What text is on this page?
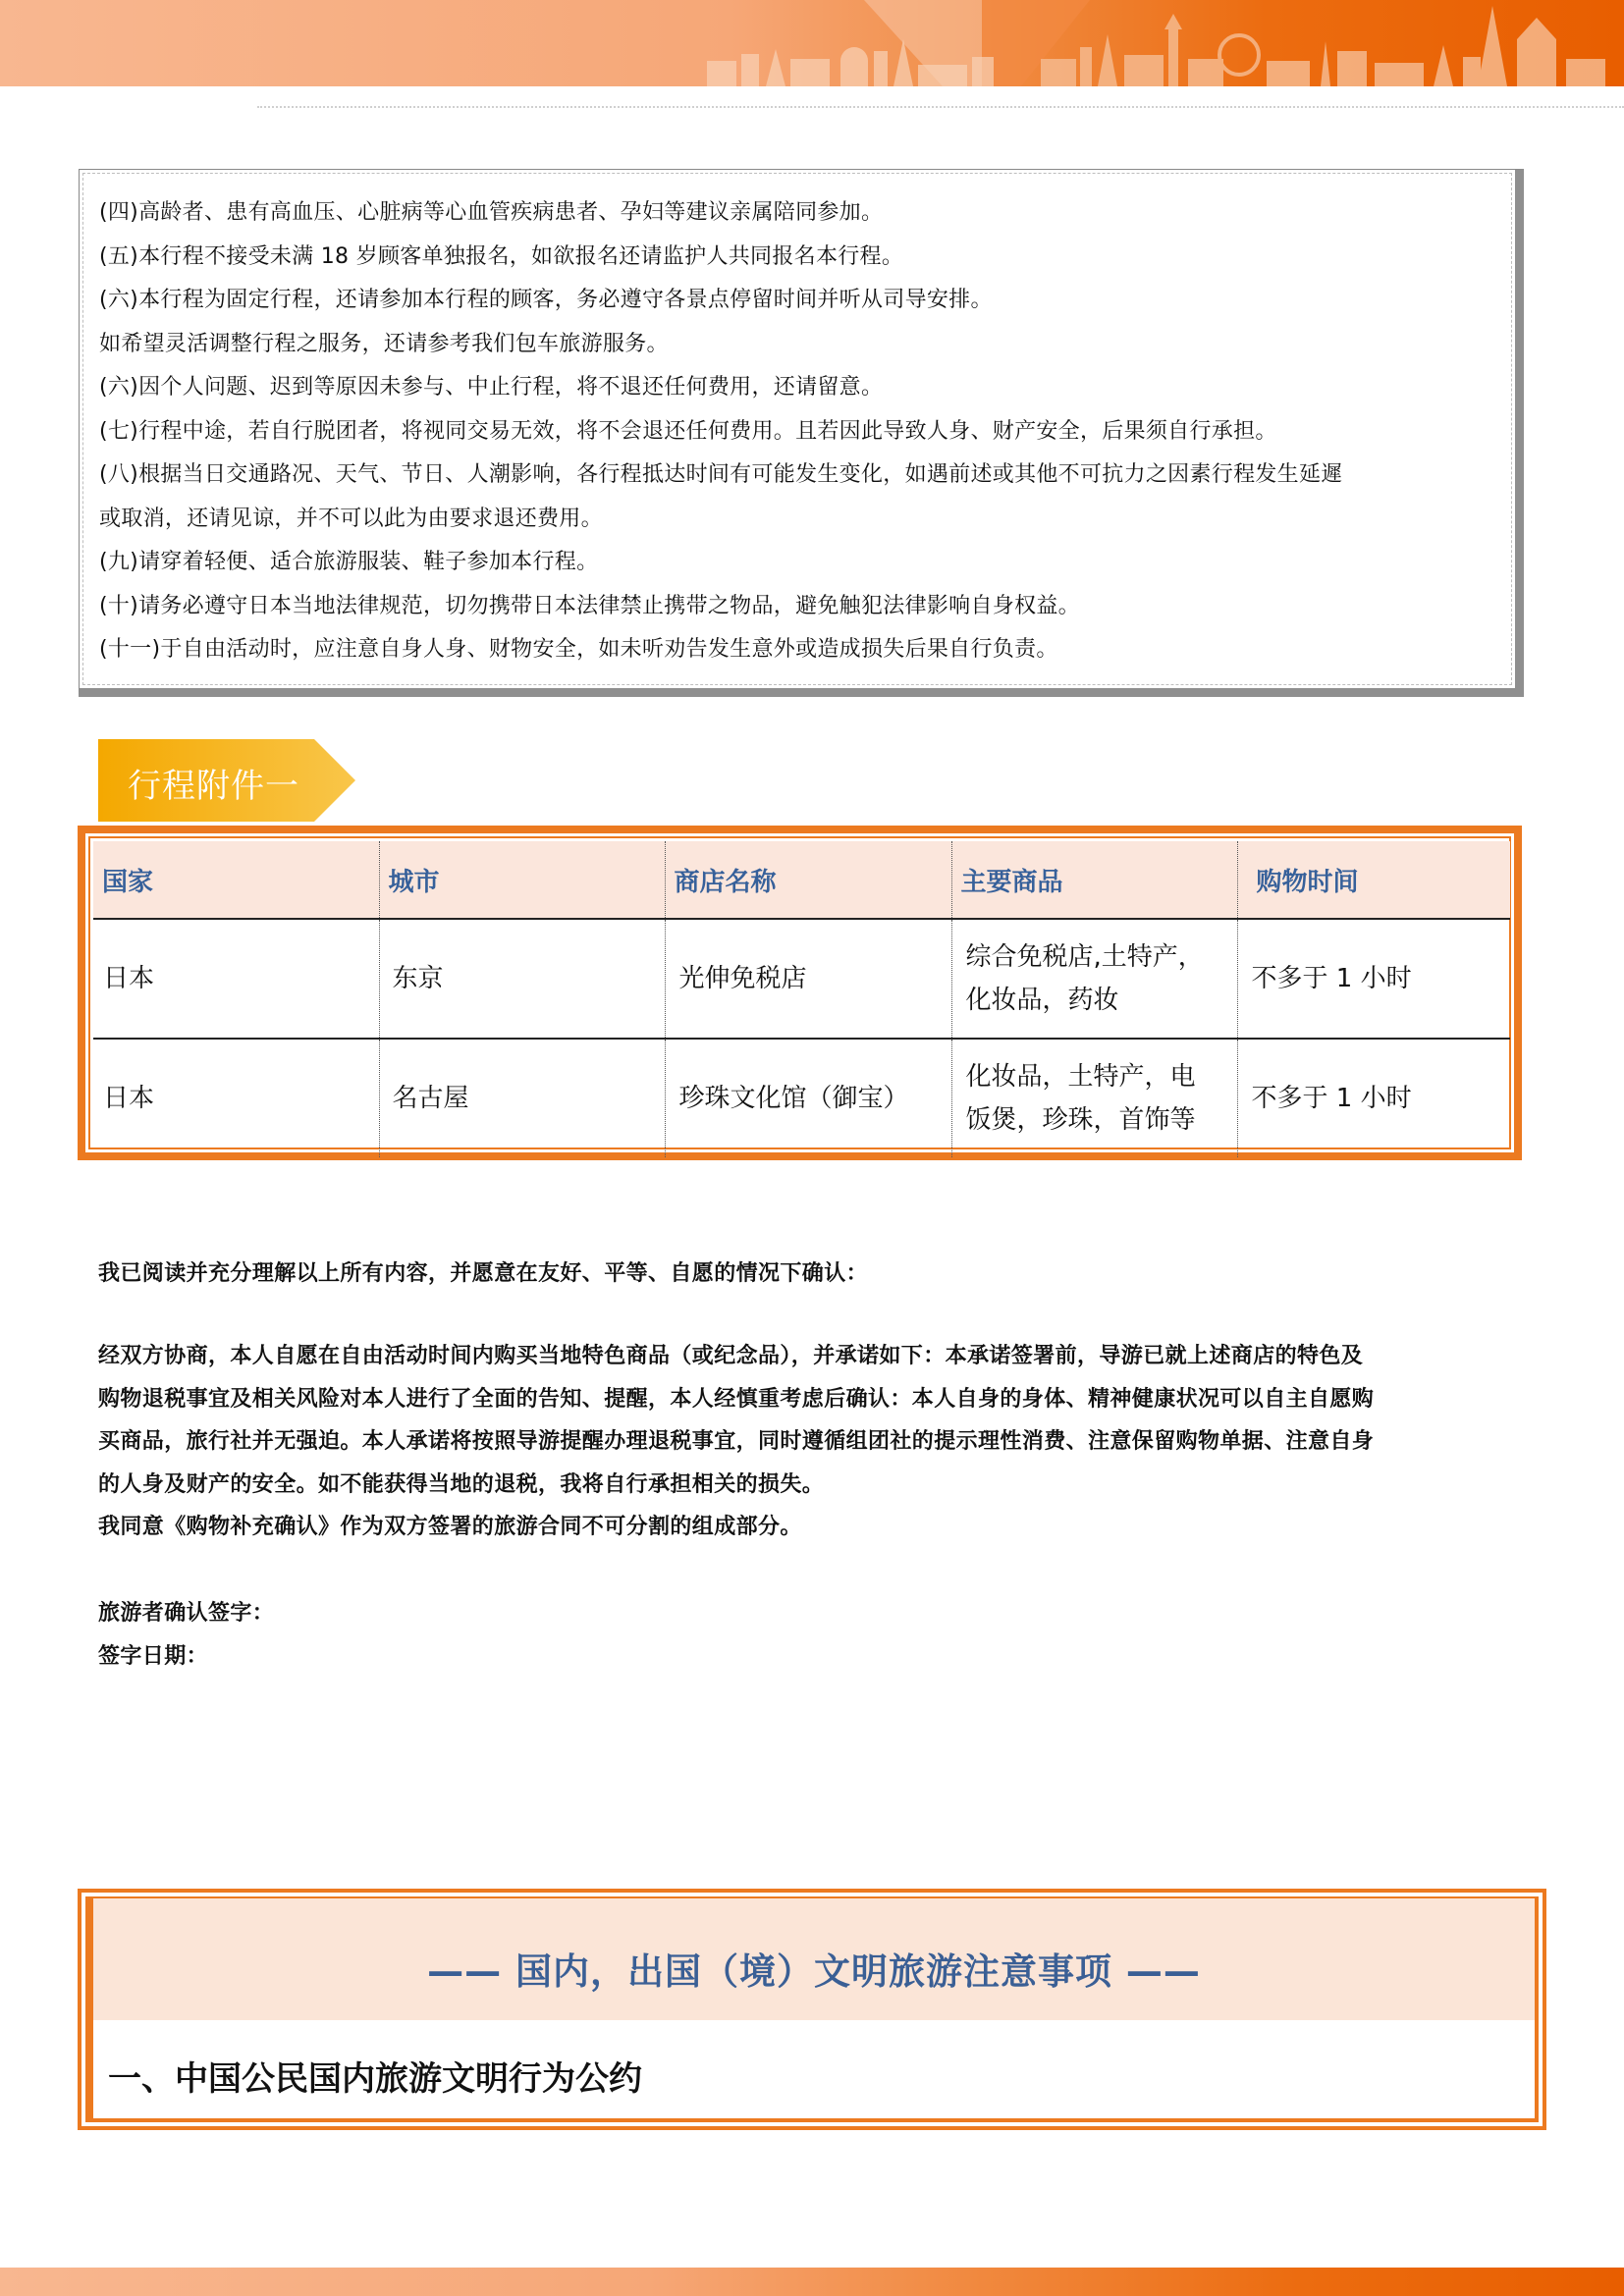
(四)高龄者、患有高血压、心脏病等心血管疾病患者、孕妇等建议亲属陪同参加。
(五)本行程不接受未满 18 岁顾客单独报名，如欲报名还请监护人共同报名本行程。
(六)本行程为固定行程，还请参加本行程的顾客，务必遵守各景点停留时间并听从司导安排。
如希望灵活调整行程之服务，还请参考我们包车旅游服务。
(六)因个人问题、迟到等原因未参与、中止行程，将不退还任何费用，还请留意。
(七)行程中途，若自行脱团者，将视同交易无效，将不会退还任何费用。且若因此导致人身、财产安全，后果须自行承担。
(八)根据当日交通路况、天气、节日、人潮影响，各行程抵达时间有可能发生变化，如遇前述或其他不可抗力之因素行程发生延遲
或取消，还请见谅，并不可以此为由要求退还费用。
(九)请穿着轻便、适合旅游服装、鞋子参加本行程。
(十)请务必遵守日本当地法律规范，切勿携带日本法律禁止携带之物品，避免触犯法律影响自身权益。
(十一)于自由活动时，应注意自身人身、财物安全，如未听劝告发生意外或造成损失后果自行负责。
行程附件一
国家	城市	商店名称	主要商品	购物时间
日本	东京	光伸免税店	综合免税店,土特产，
化妆品，药妆	不多于 1 小时
日本	名古屋	珍珠文化馆（御宝）	化妆品，土特产，电
饭煲，珍珠，首饰等	不多于 1 小时
我已阅读并充分理解以上所有内容，并愿意在友好、平等、自愿的情况下确认：
经双方协商，本人自愿在自由活动时间内购买当地特色商品（或纪念品），并承诺如下：本承诺签署前，导游已就上述商店的特色及
购物退税事宜及相关风险对本人进行了全面的告知、提醒，本人经慎重考虑后确认：本人自身的身体、精神健康状况可以自主自愿购
买商品，旅行社并无强迫。本人承诺将按照导游提醒办理退税事宜，同时遵循组团社的提示理性消费、注意保留购物单据、注意自身
的人身及财产的安全。如不能获得当地的退税，我将自行承担相关的损失。
我同意《购物补充确认》作为双方签署的旅游合同不可分割的组成部分。
旅游者确认签字：
签字日期：
—— 国内，出国（境）文明旅游注意事项 ——
一、中国公民国内旅游文明行为公约
